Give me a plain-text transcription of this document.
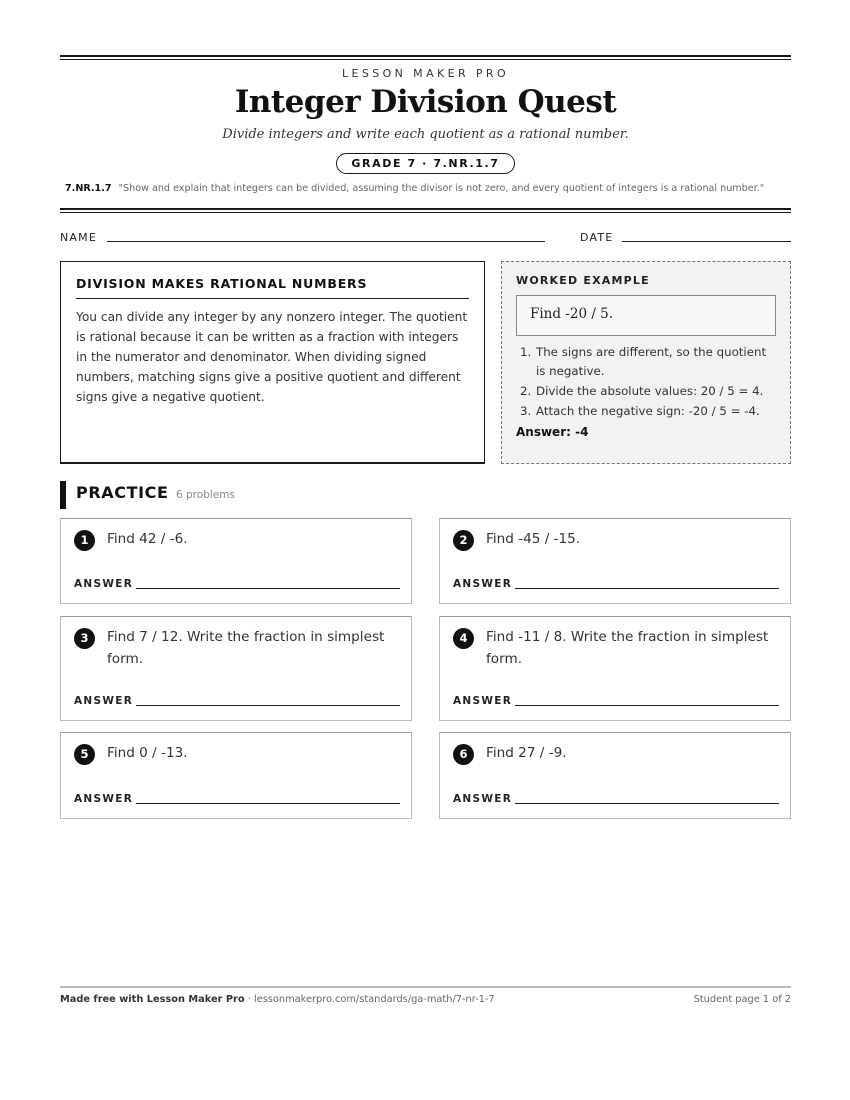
LESSON MAKER PRO
Integer Division Quest
Divide integers and write each quotient as a rational number.
GRADE 7 · 7.NR.1.7
7.NR.1.7 "Show and explain that integers can be divided, assuming the divisor is not zero, and every quotient of integers is a rational number."
NAME	DATE
DIVISION MAKES RATIONAL NUMBERS

You can divide any integer by any nonzero integer. The quotient is rational because it can be written as a fraction with integers in the numerator and denominator. When dividing signed numbers, matching signs give a positive quotient and different signs give a negative quotient.

WORKED EXAMPLE
Find -20 / 5.
1. The signs are different, so the quotient is negative.
2. Divide the absolute values: 20 / 5 = 4.
3. Attach the negative sign: -20 / 5 = -4.
Answer: -4
PRACTICE 6 problems
1	Find 42 / -6.
ANSWER
2	Find -45 / -15.
ANSWER
3	Find 7 / 12. Write the fraction in simplest form.
ANSWER
4	Find -11 / 8. Write the fraction in simplest form.
ANSWER
5	Find 0 / -13.
ANSWER
6	Find 27 / -9.
ANSWER
Made free with Lesson Maker Pro · lessonmakerpro.com/standards/ga-math/7-nr-1-7	Student page 1 of 2
